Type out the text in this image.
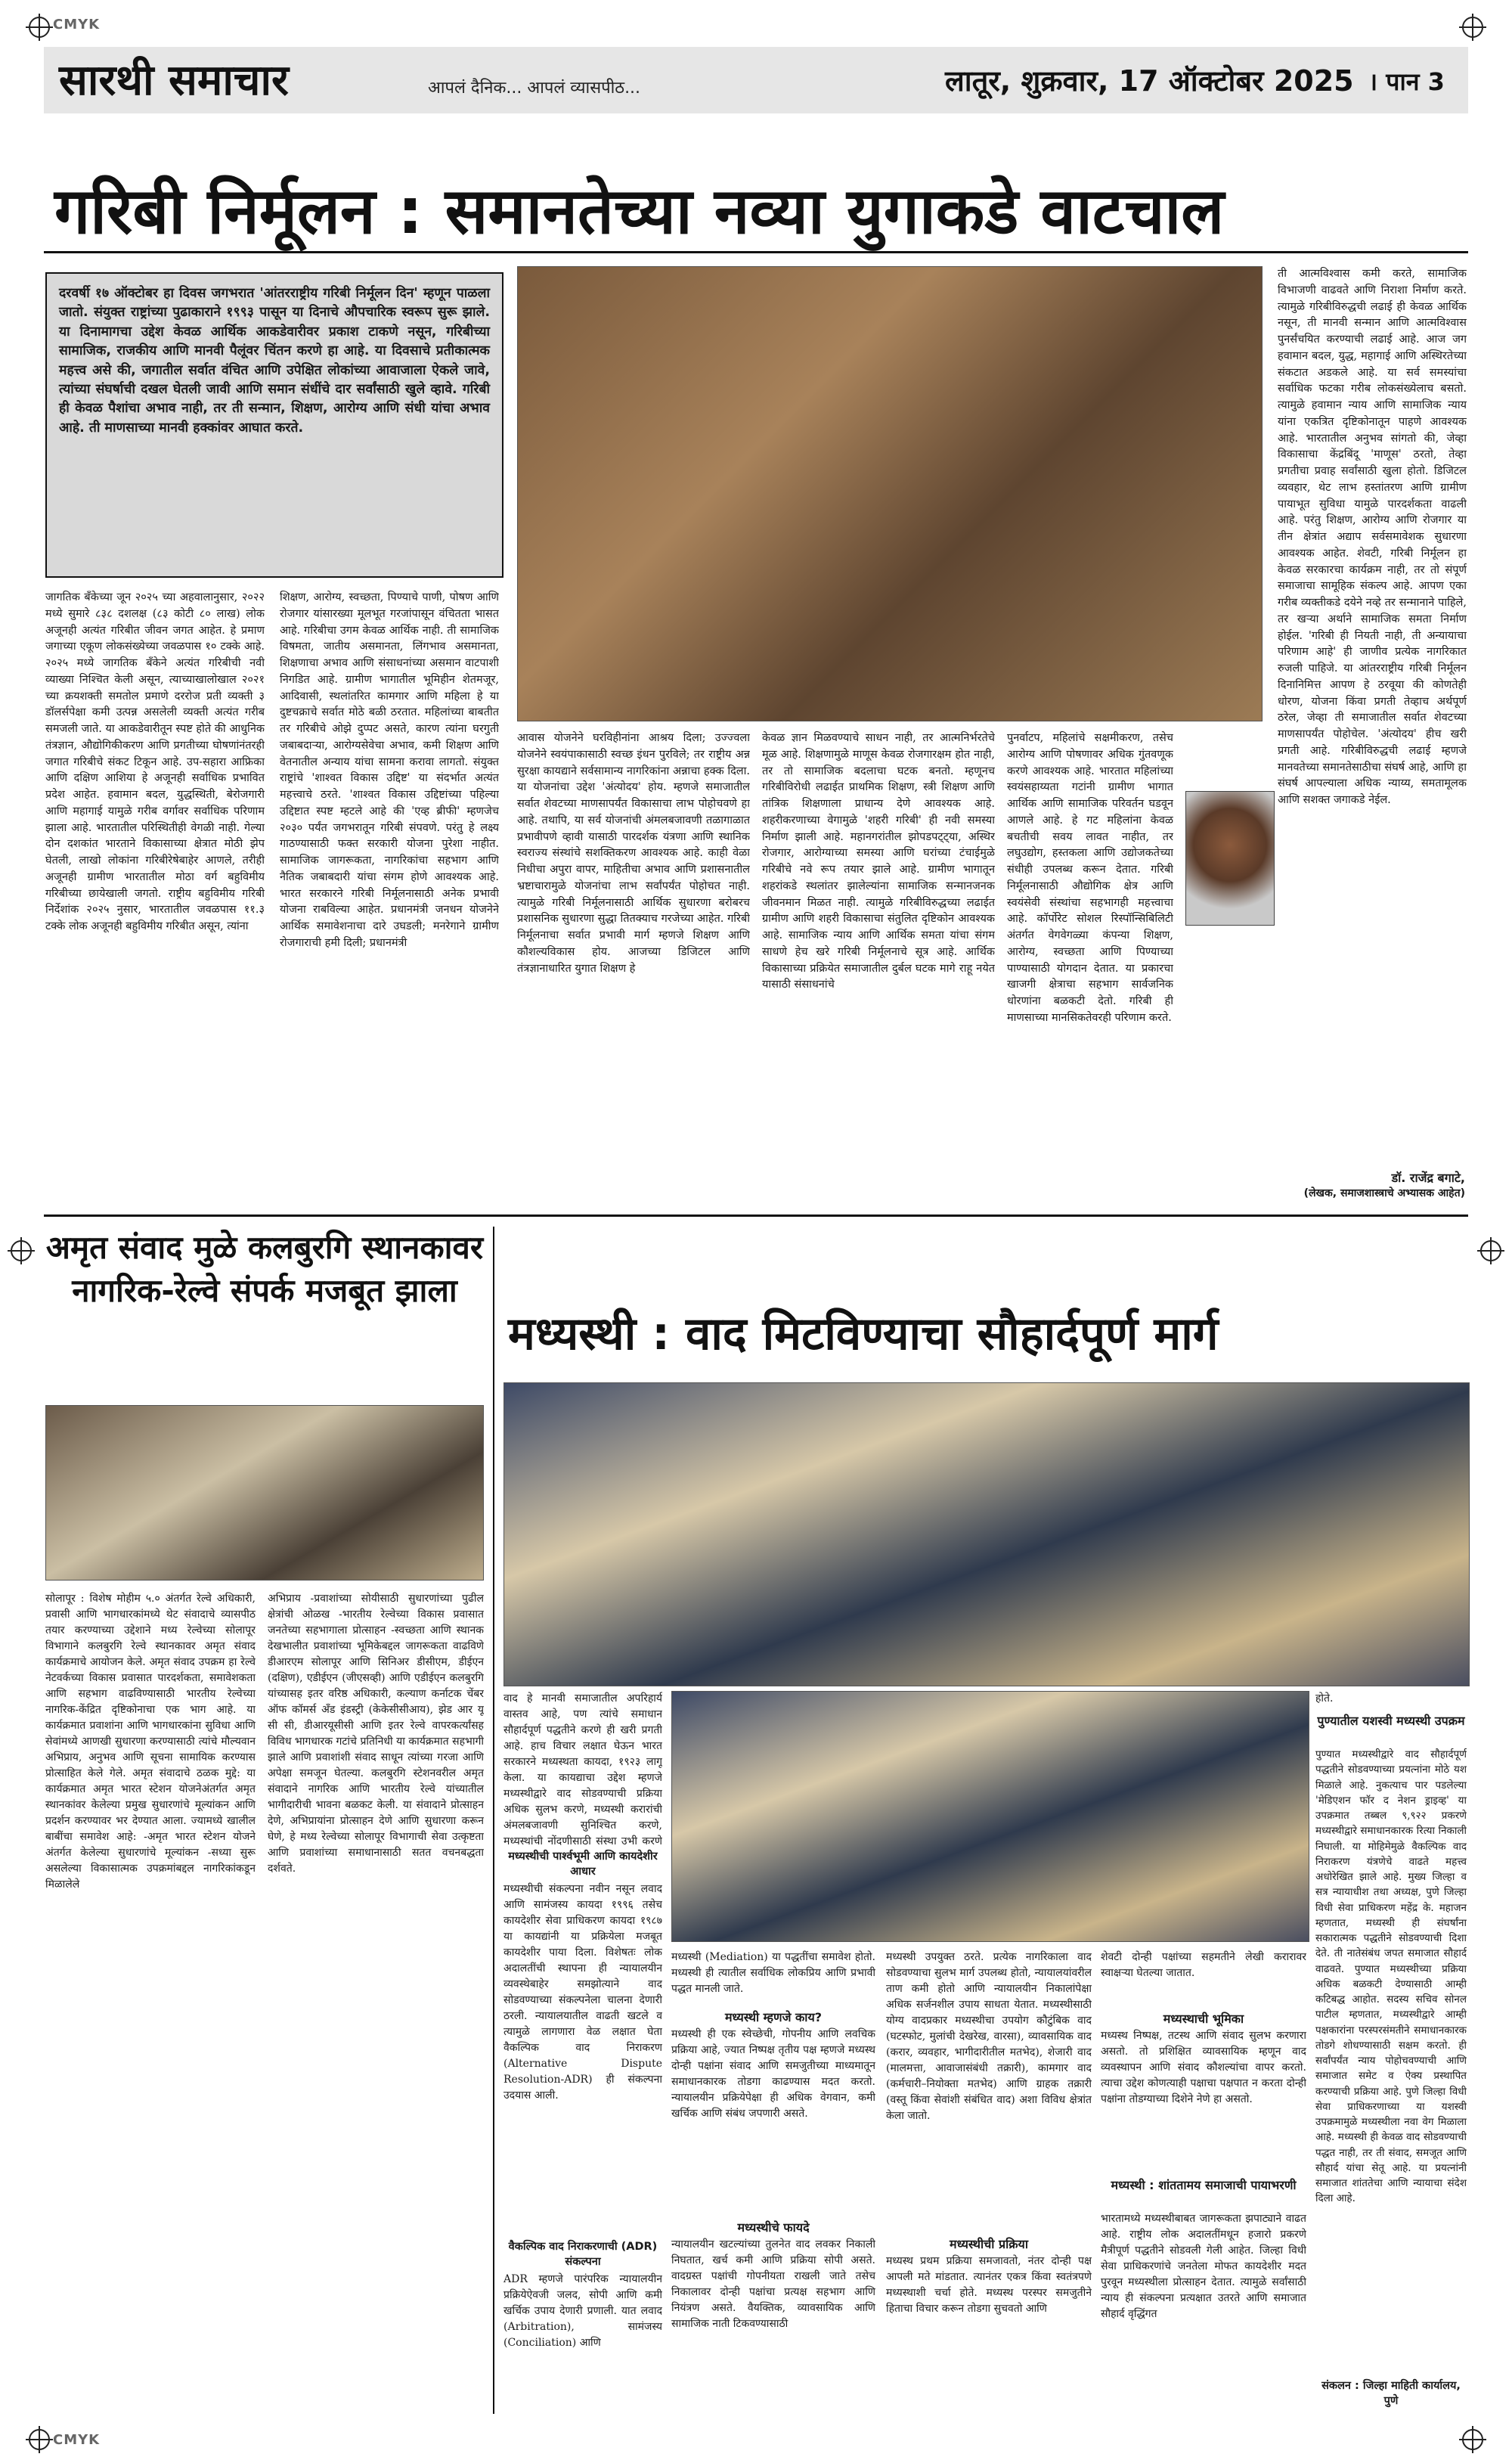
CMYK
CMYK
सारथी समाचार	आपलं दैनिक... आपलं व्यासपीठ...	लातूर, शुक्रवार, 17 ऑक्टोबर 2025 । पान 3
गरिबी निर्मूलन : समानतेच्या नव्या युगाकडे वाटचाल
दरवर्षी १७ ऑक्टोबर हा दिवस जगभरात 'आंतरराष्ट्रीय गरिबी निर्मूलन दिन' म्हणून पाळला जातो. संयुक्त राष्ट्रांच्या पुढाकाराने १९९३ पासून या दिनाचे औपचारिक स्वरूप सुरू झाले. या दिनामागचा उद्देश केवळ आर्थिक आकडेवारीवर प्रकाश टाकणे नसून, गरिबीच्या सामाजिक, राजकीय आणि मानवी पैलूंवर चिंतन करणे हा आहे. या दिवसाचे प्रतीकात्मक महत्त्व असे की, जगातील सर्वात वंचित आणि उपेक्षित लोकांच्या आवाजाला ऐकले जावे, त्यांच्या संघर्षाची दखल घेतली जावी आणि समान संधींचे दार सर्वांसाठी खुले व्हावे. गरिबी ही केवळ पैशांचा अभाव नाही, तर ती सन्मान, शिक्षण, आरोग्य आणि संधी यांचा अभाव आहे. ती माणसाच्या मानवी हक्कांवर आघात करते.
जागतिक बँकेच्या जून २०२५ च्या अहवालानुसार, २०२२ मध्ये सुमारे ८३८ दशलक्ष (८३ कोटी ८० लाख) लोक अजूनही अत्यंत गरिबीत जीवन जगत आहेत. हे प्रमाण जगाच्या एकूण लोकसंख्येच्या जवळपास १० टक्के आहे. २०२५ मध्ये जागतिक बँकेने अत्यंत गरिबीची नवी व्याख्या निश्चित केली असून, त्याच्याखालोखाल २०२१ च्या क्रयशक्ती समतोल प्रमाणे दररोज प्रती व्यक्ती ३ डॉलर्सपेक्षा कमी उत्पन्न असलेली व्यक्ती अत्यंत गरीब समजली जाते. या आकडेवारीतून स्पष्ट होते की आधुनिक तंत्रज्ञान, औद्योगिकीकरण आणि प्रगतीच्या घोषणांनंतरही जगात गरिबीचे संकट टिकून आहे. उप-सहारा आफ्रिका आणि दक्षिण आशिया हे अजूनही सर्वाधिक प्रभावित प्रदेश आहेत. हवामान बदल, युद्धस्थिती, बेरोजगारी आणि महागाई यामुळे गरीब वर्गावर सर्वाधिक परिणाम झाला आहे. भारतातील परिस्थितीही वेगळी नाही. गेल्या दोन दशकांत भारताने विकासाच्या क्षेत्रात मोठी झेप घेतली, लाखो लोकांना गरिबीरेषेबाहेर आणले, तरीही अजूनही ग्रामीण भारतातील मोठा वर्ग बहुविमीय गरिबीच्या छायेखाली जगतो. राष्ट्रीय बहुविमीय गरिबी निर्देशांक २०२५ नुसार, भारतातील जवळपास ११.३ टक्के लोक अजूनही बहुविमीय गरिबीत असून, त्यांना
शिक्षण, आरोग्य, स्वच्छता, पिण्याचे पाणी, पोषण आणि रोजगार यांसारख्या मूलभूत गरजांपासून वंचितता भासत आहे. गरिबीचा उगम केवळ आर्थिक नाही. ती सामाजिक विषमता, जातीय असमानता, लिंगभाव असमानता, शिक्षणाचा अभाव आणि संसाधनांच्या असमान वाटपाशी निगडित आहे. ग्रामीण भागातील भूमिहीन शेतमजूर, आदिवासी, स्थलांतरित कामगार आणि महिला हे या दुष्टचक्राचे सर्वात मोठे बळी ठरतात. महिलांच्या बाबतीत तर गरिबीचे ओझे दुप्पट असते, कारण त्यांना घरगुती जबाबदाऱ्या, आरोग्यसेवेचा अभाव, कमी शिक्षण आणि वेतनातील अन्याय यांचा सामना करावा लागतो. संयुक्त राष्ट्रांचे 'शाश्वत विकास उद्दिष्ट' या संदर्भात अत्यंत महत्त्वाचे ठरते. 'शाश्वत विकास उद्दिष्टांच्या पहिल्या उद्दिष्टात स्पष्ट म्हटले आहे की 'एव्ह ब्रीफी' म्हणजेच २०३० पर्यंत जगभरातून गरिबी संपवणे. परंतु हे लक्ष्य गाठण्यासाठी फक्त सरकारी योजना पुरेशा नाहीत. सामाजिक जागरूकता, नागरिकांचा सहभाग आणि नैतिक जबाबदारी यांचा संगम होणे आवश्यक आहे. भारत सरकारने गरिबी निर्मूलनासाठी अनेक प्रभावी योजना राबविल्या आहेत. प्रधानमंत्री जनधन योजनेने आर्थिक समावेशनाचा दारे उघडली; मनरेगाने ग्रामीण रोजगाराची हमी दिली; प्रधानमंत्री
आवास योजनेने घरविहीनांना आश्रय दिला; उज्ज्वला योजनेने स्वयंपाकासाठी स्वच्छ इंधन पुरविले; तर राष्ट्रीय अन्न सुरक्षा कायद्याने सर्वसामान्य नागरिकांना अन्नाचा हक्क दिला. या योजनांचा उद्देश 'अंत्योदय' होय. म्हणजे समाजातील सर्वात शेवटच्या माणसापर्यंत विकासाचा लाभ पोहोचवणे हा आहे. तथापि, या सर्व योजनांची अंमलबजावणी तळागाळात प्रभावीपणे व्हावी यासाठी पारदर्शक यंत्रणा आणि स्थानिक स्वराज्य संस्थांचे सशक्तिकरण आवश्यक आहे. काही वेळा निधीचा अपुरा वापर, माहितीचा अभाव आणि प्रशासनातील भ्रष्टाचारामुळे योजनांचा लाभ सर्वांपर्यंत पोहोचत नाही. त्यामुळे गरिबी निर्मूलनासाठी आर्थिक सुधारणा बरोबरच प्रशासनिक सुधारणा सुद्धा तितक्याच गरजेच्या आहेत. गरिबी निर्मूलनाचा सर्वात प्रभावी मार्ग म्हणजे शिक्षण आणि कौशल्यविकास होय. आजच्या डिजिटल आणि तंत्रज्ञानाधारित युगात शिक्षण हे
केवळ ज्ञान मिळवण्याचे साधन नाही, तर आत्मनिर्भरतेचे मूळ आहे. शिक्षणामुळे माणूस केवळ रोजगारक्षम होत नाही, तर तो सामाजिक बदलाचा घटक बनतो. म्हणूनच गरिबीविरोधी लढाईत प्राथमिक शिक्षण, स्त्री शिक्षण आणि तांत्रिक शिक्षणाला प्राधान्य देणे आवश्यक आहे. शहरीकरणाच्या वेगामुळे 'शहरी गरिबी' ही नवी समस्या निर्माण झाली आहे. महानगरांतील झोपडपट्ट्या, अस्थिर रोजगार, आरोग्याच्या समस्या आणि घरांच्या टंचाईमुळे गरिबीचे नवे रूप तयार झाले आहे. ग्रामीण भागातून शहरांकडे स्थलांतर झालेल्यांना सामाजिक सन्मानजनक जीवनमान मिळत नाही. त्यामुळे गरिबीविरुद्धच्या लढाईत ग्रामीण आणि शहरी विकासाचा संतुलित दृष्टिकोन आवश्यक आहे. सामाजिक न्याय आणि आर्थिक समता यांचा संगम साधणे हेच खरे गरिबी निर्मूलनाचे सूत्र आहे. आर्थिक विकासाच्या प्रक्रियेत समाजातील दुर्बल घटक मागे राहू नयेत यासाठी संसाधनांचे
पुनर्वाटप, महिलांचे सक्षमीकरण, तसेच आरोग्य आणि पोषणावर अधिक गुंतवणूक करणे आवश्यक आहे. भारतात महिलांच्या स्वयंसहाय्यता गटांनी ग्रामीण भागात आर्थिक आणि सामाजिक परिवर्तन घडवून आणले आहे. हे गट महिलांना केवळ बचतीची सवय लावत नाहीत, तर लघुउद्योग, हस्तकला आणि उद्योजकतेच्या संधीही उपलब्ध करून देतात. गरिबी निर्मूलनासाठी औद्योगिक क्षेत्र आणि स्वयंसेवी संस्थांचा सहभागही महत्त्वाचा आहे. कॉर्पोरेट सोशल रिस्पॉन्सिबिलिटी अंतर्गत वेगवेगळ्या कंपन्या शिक्षण, आरोग्य, स्वच्छता आणि पिण्याच्या पाण्यासाठी योगदान देतात. या प्रकारचा खाजगी क्षेत्राचा सहभाग सार्वजनिक धोरणांना बळकटी देतो. गरिबी ही माणसाच्या मानसिकतेवरही परिणाम करते.
ती आत्मविश्वास कमी करते, सामाजिक विभाजणी वाढवते आणि निराशा निर्माण करते. त्यामुळे गरिबीविरुद्धची लढाई ही केवळ आर्थिक नसून, ती मानवी सन्मान आणि आत्मविश्वास पुनर्संचयित करण्याची लढाई आहे. आज जग हवामान बदल, युद्ध, महागाई आणि अस्थिरतेच्या संकटात अडकले आहे. या सर्व समस्यांचा सर्वाधिक फटका गरीब लोकसंख्येलाच बसतो. त्यामुळे हवामान न्याय आणि सामाजिक न्याय यांना एकत्रित दृष्टिकोनातून पाहणे आवश्यक आहे. भारतातील अनुभव सांगतो की, जेव्हा विकासाचा केंद्रबिंदू 'माणूस' ठरतो, तेव्हा प्रगतीचा प्रवाह सर्वांसाठी खुला होतो. डिजिटल व्यवहार, थेट लाभ हस्तांतरण आणि ग्रामीण पायाभूत सुविधा यामुळे पारदर्शकता वाढली आहे. परंतु शिक्षण, आरोग्य आणि रोजगार या तीन क्षेत्रांत अद्याप सर्वसमावेशक सुधारणा आवश्यक आहेत. शेवटी, गरिबी निर्मूलन हा केवळ सरकारचा कार्यक्रम नाही, तर तो संपूर्ण समाजाचा सामूहिक संकल्प आहे. आपण एका गरीब व्यक्तीकडे दयेने नव्हे तर सन्मानाने पाहिले, तर खऱ्या अर्थाने सामाजिक समता निर्माण होईल. 'गरिबी ही नियती नाही, ती अन्यायाचा परिणाम आहे' ही जाणीव प्रत्येक नागरिकात रुजली पाहिजे. या आंतरराष्ट्रीय गरिबी निर्मूलन दिनानिमित्त आपण हे ठरवूया की कोणतेही धोरण, योजना किंवा प्रगती तेव्हाच अर्थपूर्ण ठरेल, जेव्हा ती समाजातील सर्वात शेवटच्या माणसापर्यंत पोहोचेल. 'अंत्योदय' हीच खरी प्रगती आहे. गरिबीविरुद्धची लढाई म्हणजे मानवतेच्या समानतेसाठीचा संघर्ष आहे, आणि हा संघर्ष आपल्याला अधिक न्याय्य, समतामूलक आणि सशक्त जगाकडे नेईल.
डॉ. राजेंद्र बगाटे,
(लेखक, समाजशास्त्राचे अभ्यासक आहेत)
अमृत संवाद मुळे कलबुरगि स्थानकावर नागरिक-रेल्वे संपर्क मजबूत झाला
सोलापूर : विशेष मोहीम ५.० अंतर्गत रेल्वे अधिकारी, प्रवासी आणि भागधारकांमध्ये थेट संवादाचे व्यासपीठ तयार करण्याच्या उद्देशाने मध्य रेल्वेच्या सोलापूर विभागाने कलबुरगि रेल्वे स्थानकावर अमृत संवाद कार्यक्रमाचे आयोजन केले. अमृत संवाद उपक्रम हा रेल्वे नेटवर्कच्या विकास प्रवासात पारदर्शकता, समावेशकता आणि सहभाग वाढविण्यासाठी भारतीय रेल्वेच्या नागरिक-केंद्रित दृष्टिकोनाचा एक भाग आहे. या कार्यक्रमात प्रवाशांना आणि भागधारकांना सुविधा आणि सेवांमध्ये आणखी सुधारणा करण्यासाठी त्यांचे मौल्यवान अभिप्राय, अनुभव आणि सूचना सामायिक करण्यास प्रोत्साहित केले गेले. अमृत संवादाचे ठळक मुद्दे: या कार्यक्रमात अमृत भारत स्टेशन योजनेअंतर्गत अमृत स्थानकांवर केलेल्या प्रमुख सुधारणांचे मूल्यांकन आणि प्रदर्शन करण्यावर भर देण्यात आला. ज्यामध्ये खालील बाबींचा समावेश आहे: -अमृत भारत स्टेशन योजने अंतर्गत केलेल्या सुधारणांचे मूल्यांकन -सध्या सुरू असलेल्या विकासात्मक उपक्रमांबद्दल नागरिकांकडून मिळालेले
अभिप्राय -प्रवाशांच्या सोयीसाठी सुधारणांच्या पुढील क्षेत्रांची ओळख -भारतीय रेल्वेच्या विकास प्रवासात जनतेच्या सहभागाला प्रोत्साहन -स्वच्छता आणि स्थानक देखभालीत प्रवाशांच्या भूमिकेबद्दल जागरूकता वाढविणे डीआरएम सोलापूर आणि सिनिअर डीसीएम, डीईएन (दक्षिण), एडीईएन (जीएसव्ही) आणि एडीईएन कलबुरगि यांच्यासह इतर वरिष्ठ अधिकारी, कल्याण कर्नाटक चेंबर ऑफ कॉमर्स अँड इंडस्ट्री (केकेसीसीआय), झेड आर यू सी सी, डीआरयूसीसी आणि इतर रेल्वे वापरकर्त्यांसह विविध भागधारक गटांचे प्रतिनिधी या कार्यक्रमात सहभागी झाले आणि प्रवाशांशी संवाद साधून त्यांच्या गरजा आणि अपेक्षा समजून घेतल्या. कलबुरगि स्टेशनवरील अमृत संवादाने नागरिक आणि भारतीय रेल्वे यांच्यातील भागीदारीची भावना बळकट केली. या संवादाने प्रोत्साहन देणे, अभिप्रायांना प्रोत्साहन देणे आणि सुधारणा करून घेणे, हे मध्य रेल्वेच्या सोलापूर विभागाची सेवा उत्कृष्टता आणि प्रवाशांच्या समाधानासाठी सतत वचनबद्धता दर्शवते.
मध्यस्थी : वाद मिटविण्याचा सौहार्दपूर्ण मार्ग
वाद हे मानवी समाजातील अपरिहार्य वास्तव आहे, पण त्यांचे समाधान सौहार्दपूर्ण पद्धतीने करणे ही खरी प्रगती आहे. हाच विचार लक्षात घेऊन भारत सरकारने मध्यस्थता कायदा, १९२३ लागू केला. या कायद्याचा उद्देश म्हणजे मध्यस्थीद्वारे वाद सोडवण्याची प्रक्रिया अधिक सुलभ करणे, मध्यस्थी करारांची अंमलबजावणी सुनिश्चित करणे, मध्यस्थांची नोंदणीसाठी संस्था उभी करणे
मध्यस्थीची पार्श्वभूमी आणि कायदेशीर आधार
मध्यस्थीची संकल्पना नवीन नसून लवाद आणि सामंजस्य कायदा १९९६ तसेच कायदेशीर सेवा प्राधिकरण कायदा १९८७ या कायद्यांनी या प्रक्रियेला मजबूत कायदेशीर पाया दिला. विशेषतः लोक अदालतींची स्थापना ही न्यायालयीन व्यवस्थेबाहेर समझोत्याने वाद सोडवण्याच्या संकल्पनेला चालना देणारी ठरली. न्यायालयातील वाढती खटले व त्यामुळे लागणारा वेळ लक्षात घेता वैकल्पिक वाद निराकरण (Alternative Dispute Resolution-ADR) ही संकल्पना उदयास आली.
वैकल्पिक वाद निराकरणाची (ADR) संकल्पना
ADR म्हणजे पारंपरिक न्यायालयीन प्रक्रियेऐवजी जलद, सोपी आणि कमी खर्चिक उपाय देणारी प्रणाली. यात लवाद (Arbitration), सामंजस्य (Conciliation) आणि
मध्यस्थी (Mediation) या पद्धतींचा समावेश होतो. मध्यस्थी ही त्यातील सर्वाधिक लोकप्रिय आणि प्रभावी पद्धत मानली जाते.
मध्यस्थी म्हणजे काय?
मध्यस्थी ही एक स्वेच्छेची, गोपनीय आणि लवचिक प्रक्रिया आहे, ज्यात निष्पक्ष तृतीय पक्ष म्हणजे मध्यस्थ दोन्ही पक्षांना संवाद आणि समजुतीच्या माध्यमातून समाधानकारक तोडगा काढण्यास मदत करतो. न्यायालयीन प्रक्रियेपेक्षा ही अधिक वेगवान, कमी खर्चिक आणि संबंध जपणारी असते.
मध्यस्थीचे फायदे
न्यायालयीन खटल्यांच्या तुलनेत वाद लवकर निकाली निघतात, खर्च कमी आणि प्रक्रिया सोपी असते. वादग्रस्त पक्षांची गोपनीयता राखली जाते तसेच निकालावर दोन्ही पक्षांचा प्रत्यक्ष सहभाग आणि नियंत्रण असते. वैयक्तिक, व्यावसायिक आणि सामाजिक नाती टिकवण्यासाठी
मध्यस्थी उपयुक्त ठरते. प्रत्येक नागरिकाला वाद सोडवण्याचा सुलभ मार्ग उपलब्ध होतो, न्यायालयांवरील ताण कमी होतो आणि न्यायालयीन निकालांपेक्षा अधिक सर्जनशील उपाय साधता येतात. मध्यस्थीसाठी योग्य वादप्रकार मध्यस्थीचा उपयोग कौटुंबिक वाद (घटस्फोट, मुलांची देखरेख, वारसा), व्यावसायिक वाद (करार, व्यवहार, भागीदारीतील मतभेद), शेजारी वाद (मालमत्ता, आवाजासंबंधी तक्रारी), कामगार वाद (कर्मचारी–नियोक्ता मतभेद) आणि ग्राहक तक्रारी (वस्तू किंवा सेवांशी संबंधित वाद) अशा विविध क्षेत्रांत केला जातो.
मध्यस्थीची प्रक्रिया
मध्यस्थ प्रथम प्रक्रिया समजावतो, नंतर दोन्ही पक्ष आपली मते मांडतात. त्यानंतर एकत्र किंवा स्वतंत्रपणे मध्यस्थाशी चर्चा होते. मध्यस्थ परस्पर समजुतीने हिताचा विचार करून तोडगा सुचवतो आणि
शेवटी दोन्ही पक्षांच्या सहमतीने लेखी करारावर स्वाक्षऱ्या घेतल्या जातात.
मध्यस्थाची भूमिका
मध्यस्थ निष्पक्ष, तटस्थ आणि संवाद सुलभ करणारा असतो. तो प्रशिक्षित व्यावसायिक म्हणून वाद व्यवस्थापन आणि संवाद कौशल्यांचा वापर करतो. त्याचा उद्देश कोणत्याही पक्षाचा पक्षपात न करता दोन्ही पक्षांना तोडग्याच्या दिशेने नेणे हा असतो.
मध्यस्थी : शांततामय समाजाची पायाभरणी
भारतामध्ये मध्यस्थीबाबत जागरूकता झपाट्याने वाढत आहे. राष्ट्रीय लोक अदालतींमधून हजारो प्रकरणे मैत्रीपूर्ण पद्धतीने सोडवली गेली आहेत. जिल्हा विधी सेवा प्राधिकरणांचे जनतेला मोफत कायदेशीर मदत पुरवून मध्यस्थीला प्रोत्साहन देतात. त्यामुळे सर्वांसाठी न्याय ही संकल्पना प्रत्यक्षात उतरते आणि समाजात सौहार्द वृद्धिंगत
होते.
पुण्यातील यशस्वी मध्यस्थी उपक्रम
पुण्यात मध्यस्थीद्वारे वाद सौहार्दपूर्ण पद्धतीने सोडवण्याच्या प्रयत्नांना मोठे यश मिळाले आहे. नुकत्याच पार पडलेल्या 'मेडिएशन फॉर द नेशन ड्राइव्ह' या उपक्रमात तब्बल ९,९२२ प्रकरणे मध्यस्थीद्वारे समाधानकारक रित्या निकाली निघाली. या मोहिमेमुळे वैकल्पिक वाद निराकरण यंत्रणेचे वाढते महत्त्व अधोरेखित झाले आहे. मुख्य जिल्हा व सत्र न्यायाधीश तथा अध्यक्ष, पुणे जिल्हा विधी सेवा प्राधिकरण महेंद्र के. महाजन म्हणतात, मध्यस्थी ही संघर्षांना सकारात्मक पद्धतीने सोडवण्याची दिशा देते. ती नातेसंबंध जपत समाजात सौहार्द वाढवते. पुण्यात मध्यस्थीच्या प्रक्रिया अधिक बळकटी देण्यासाठी आम्ही कटिबद्ध आहोत. सदस्य सचिव सोनल पाटील म्हणतात, मध्यस्थीद्वारे आम्ही पक्षकारांना परस्परसंमतीने समाधानकारक तोडगे शोधण्यासाठी सक्षम करतो. ही सर्वांपर्यंत न्याय पोहोचवण्याची आणि समाजात समेट व ऐक्य प्रस्थापित करण्याची प्रक्रिया आहे. पुणे जिल्हा विधी सेवा प्राधिकरणाच्या या यशस्वी उपक्रमामुळे मध्यस्थीला नवा वेग मिळाला आहे. मध्यस्थी ही केवळ वाद सोडवण्याची पद्धत नाही, तर ती संवाद, समजूत आणि सौहार्द यांचा सेतू आहे. या प्रयत्नांनी समाजात शांततेचा आणि न्यायाचा संदेश दिला आहे.
संकलन : जिल्हा माहिती कार्यालय, पुणे
